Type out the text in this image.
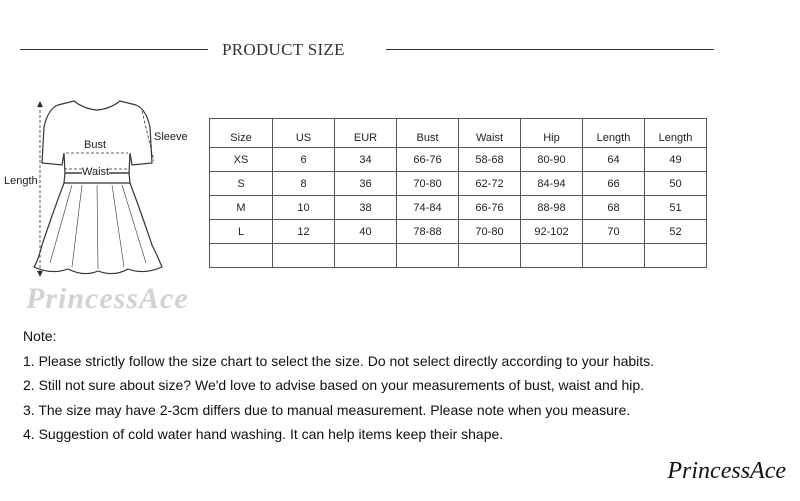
PRODUCT SIZE
Bust
Waist
Sleeve
Length
Size	US	EUR	Bust	Waist	Hip	Length	Length
XS	6	34	66-76	58-68	80-90	64	49
S	8	36	70-80	62-72	84-94	66	50
M	10	38	74-84	66-76	88-98	68	51
L	12	40	78-88	70-80	92-102	70	52

PrincessAce
Note:
1. Please strictly follow the size chart to select the size. Do not select directly according to your habits.
2. Still not sure about size? We'd love to advise based on your measurements of bust, waist and hip.
3. The size may have 2-3cm differs due to manual measurement. Please note when you measure.
4. Suggestion of cold water hand washing. It can help items keep their shape.
PrincessAce
